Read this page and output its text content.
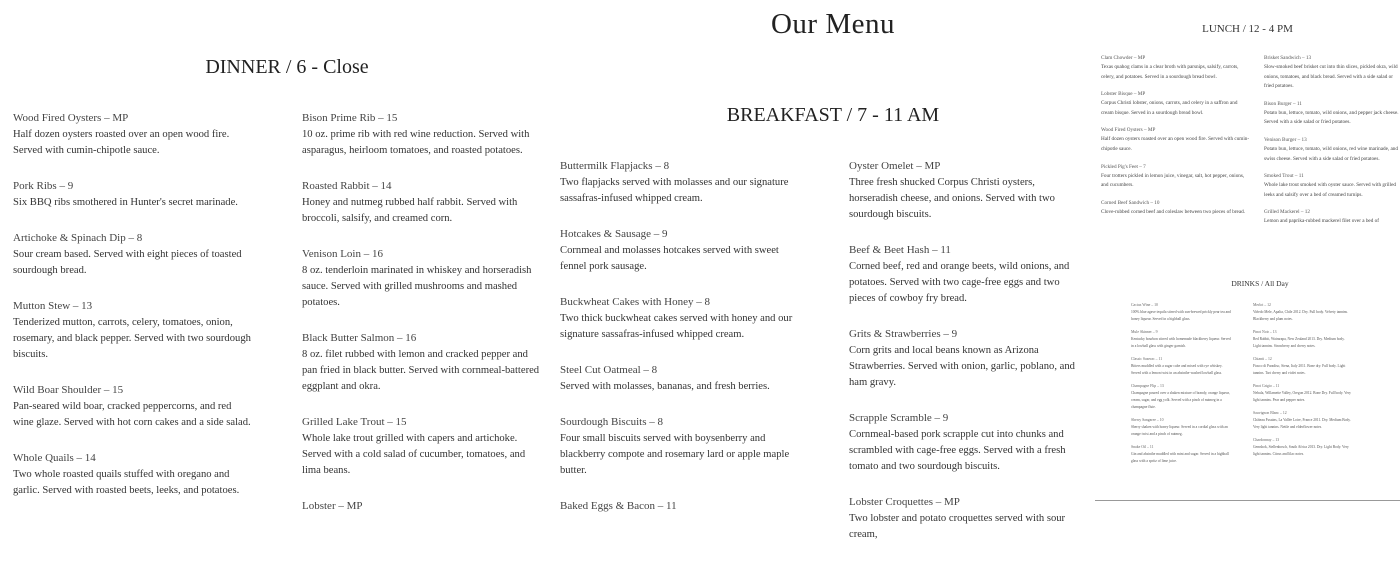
Our Menu
DINNER / 6 - Close
BREAKFAST / 7 - 11 AM
Wood Fired Oysters – MP
Half dozen oysters roasted over an open wood fire. Served with cumin-chipotle sauce.
Pork Ribs – 9
Six BBQ ribs smothered in Hunter's secret marinade.
Artichoke & Spinach Dip – 8
Sour cream based. Served with eight pieces of toasted sourdough bread.
Mutton Stew – 13
Tenderized mutton, carrots, celery, tomatoes, onion, rosemary, and black pepper. Served with two sourdough biscuits.
Wild Boar Shoulder – 15
Pan-seared wild boar, cracked peppercorns, and red wine glaze. Served with hot corn cakes and a side salad.
Whole Quails – 14
Two whole roasted quails stuffed with oregano and garlic. Served with roasted beets, leeks, and potatoes.
Bison Prime Rib – 15
10 oz. prime rib with red wine reduction. Served with asparagus, heirloom tomatoes, and roasted potatoes.
Roasted Rabbit – 14
Honey and nutmeg rubbed half rabbit. Served with broccoli, salsify, and creamed corn.
Venison Loin – 16
8 oz. tenderloin marinated in whiskey and horseradish sauce. Served with grilled mushrooms and mashed potatoes.
Black Butter Salmon – 16
8 oz. filet rubbed with lemon and cracked pepper and pan fried in black butter. Served with cornmeal-battered eggplant and okra.
Grilled Lake Trout – 15
Whole lake trout grilled with capers and artichoke. Served with a cold salad of cucumber, tomatoes, and lima beans.
Lobster – MP
Buttermilk Flapjacks – 8
Two flapjacks served with molasses and our signature sassafras-infused whipped cream.
Hotcakes & Sausage – 9
Cornmeal and molasses hotcakes served with sweet fennel pork sausage.
Buckwheat Cakes with Honey – 8
Two thick buckwheat cakes served with honey and our signature sassafras-infused whipped cream.
Steel Cut Oatmeal – 8
Served with molasses, bananas, and fresh berries.
Sourdough Biscuits – 8
Four small biscuits served with boysenberry and blackberry compote and rosemary lard or apple maple butter.
Baked Eggs & Bacon – 11
Oyster Omelet – MP
Three fresh shucked Corpus Christi oysters, horseradish cheese, and onions. Served with two sourdough biscuits.
Beef & Beet Hash – 11
Corned beef, red and orange beets, wild onions, and potatoes. Served with two cage-free eggs and two pieces of cowboy fry bread.
Grits & Strawberries – 9
Corn grits and local beans known as Arizona Strawberries. Served with onion, garlic, poblano, and ham gravy.
Scrapple Scramble – 9
Cornmeal-based pork scrapple cut into chunks and scrambled with cage-free eggs. Served with a fresh tomato and two sourdough biscuits.
Lobster Croquettes – MP
Two lobster and potato croquettes served with sour cream,
LUNCH / 12 - 4 PM
Clam Chowder – MP
Texas quahog clams in a clear broth with parsnips, salsify, carrots, celery, and potatoes. Served in a sourdough bread bowl.
Lobster Bisque – MP
Corpus Christi lobster, onions, carrots, and celery in a saffron and cream bisque. Served in a sourdough bread bowl.
Wood Fired Oysters – MP
Half dozen oysters roasted over an open wood fire. Served with cumin-chipotle sauce.
Pickled Pig's Feet – 7
Four trotters pickled in lemon juice, vinegar, salt, hot pepper, onions, and cucumbers.
Corned Beef Sandwich – 10
Clove-rubbed corned beef and coleslaw between two pieces of bread.
Brisket Sandwich – 13
Slow-smoked beef brisket cut into thin slices, pickled okra, wild onions, tomatoes, and black bread. Served with a side salad or fried potatoes.
Bison Burger – 11
Potato bun, lettuce, tomato, wild onions, and pepper jack cheese. Served with a side salad or fried potatoes.
Venison Burger – 13
Potato bun, lettuce, tomato, wild onions, red wine marinade, and swiss cheese. Served with a side salad or fried potatoes.
Smoked Trout – 11
Whole lake trout smoked with oyster sauce. Served with grilled leeks and salsify over a bed of creamed turnips.
Grilled Mackerel – 12
Lemon and paprika-rubbed mackerel filet over a bed of
DRINKS / All Day
Cactus Wine – 10
100% blue agave tequila stirred with sun-brewed prickly pear tea and honey liqueur. Served in a highball glass.
Mule Skinner – 9
Kentucky bourbon stirred with homemade blackberry liqueur. Served in a lowball glass with ginger garnish.
Classic Sazerac – 11
Bitters muddled with a sugar cube and mixed with rye whiskey. Served with a lemon twist in an absinthe-washed lowball glass.
Champagne Flip – 13
Champagne poured over a shaken mixture of brandy, orange liqueur, cream, sugar, and egg yolk. Served with a pinch of nutmeg in a champagne flute.
Sherry Sangaree – 10
Sherry shaken with honey liqueur. Served in a cordial glass with an orange twist and a pinch of nutmeg.
Snake Oil – 11
Gin and absinthe muddled with mint and sugar. Served in a highball glass with a spritz of lime juice.
Merlot – 12
Viñedo Mele, Apalta, Chile 2012. Dry. Full body. Velvety tannins. Blackberry and plum notes.
Pinot Noir – 13
Red Rabbit, Wairarapa, New Zealand 2013. Dry. Medium body. Light tannins. Strawberry and cherry notes.
Chianti – 12
Fiasco di Paradiso, Siena, Italy 2011. Bone dry. Full body. Light tannins. Tart cherry and violet notes.
Pinot Grigio – 11
Nebula, Willamette Valley, Oregon 2012. Bone Dry. Full body. Very light tannins. Pear and pepper notes.
Sauvignon Blanc – 12
Château Fusains, La Vallée Loire, France 2011. Dry. Medium Body. Very light tannins. Nettle and elderflower notes.
Chardonnay – 13
Gemsbok, Stellenbosch, South Africa 2013. Dry. Light Body. Very light tannins. Citrus and lilac notes.
